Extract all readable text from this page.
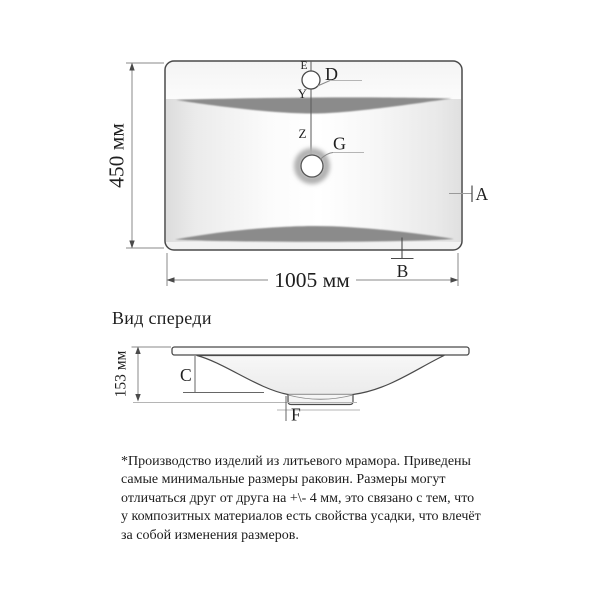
E D
Y
Z G
A
B
450 мм
1005 мм
C
F
153 мм
Вид спереди
*Производство изделий из литьевого мрамора. Приведены
самые минимальные размеры раковин. Размеры могут
отличаться друг от друга на +\- 4 мм, это связано с тем, что
у композитных материалов есть свойства усадки, что влечёт
за собой изменения размеров.
